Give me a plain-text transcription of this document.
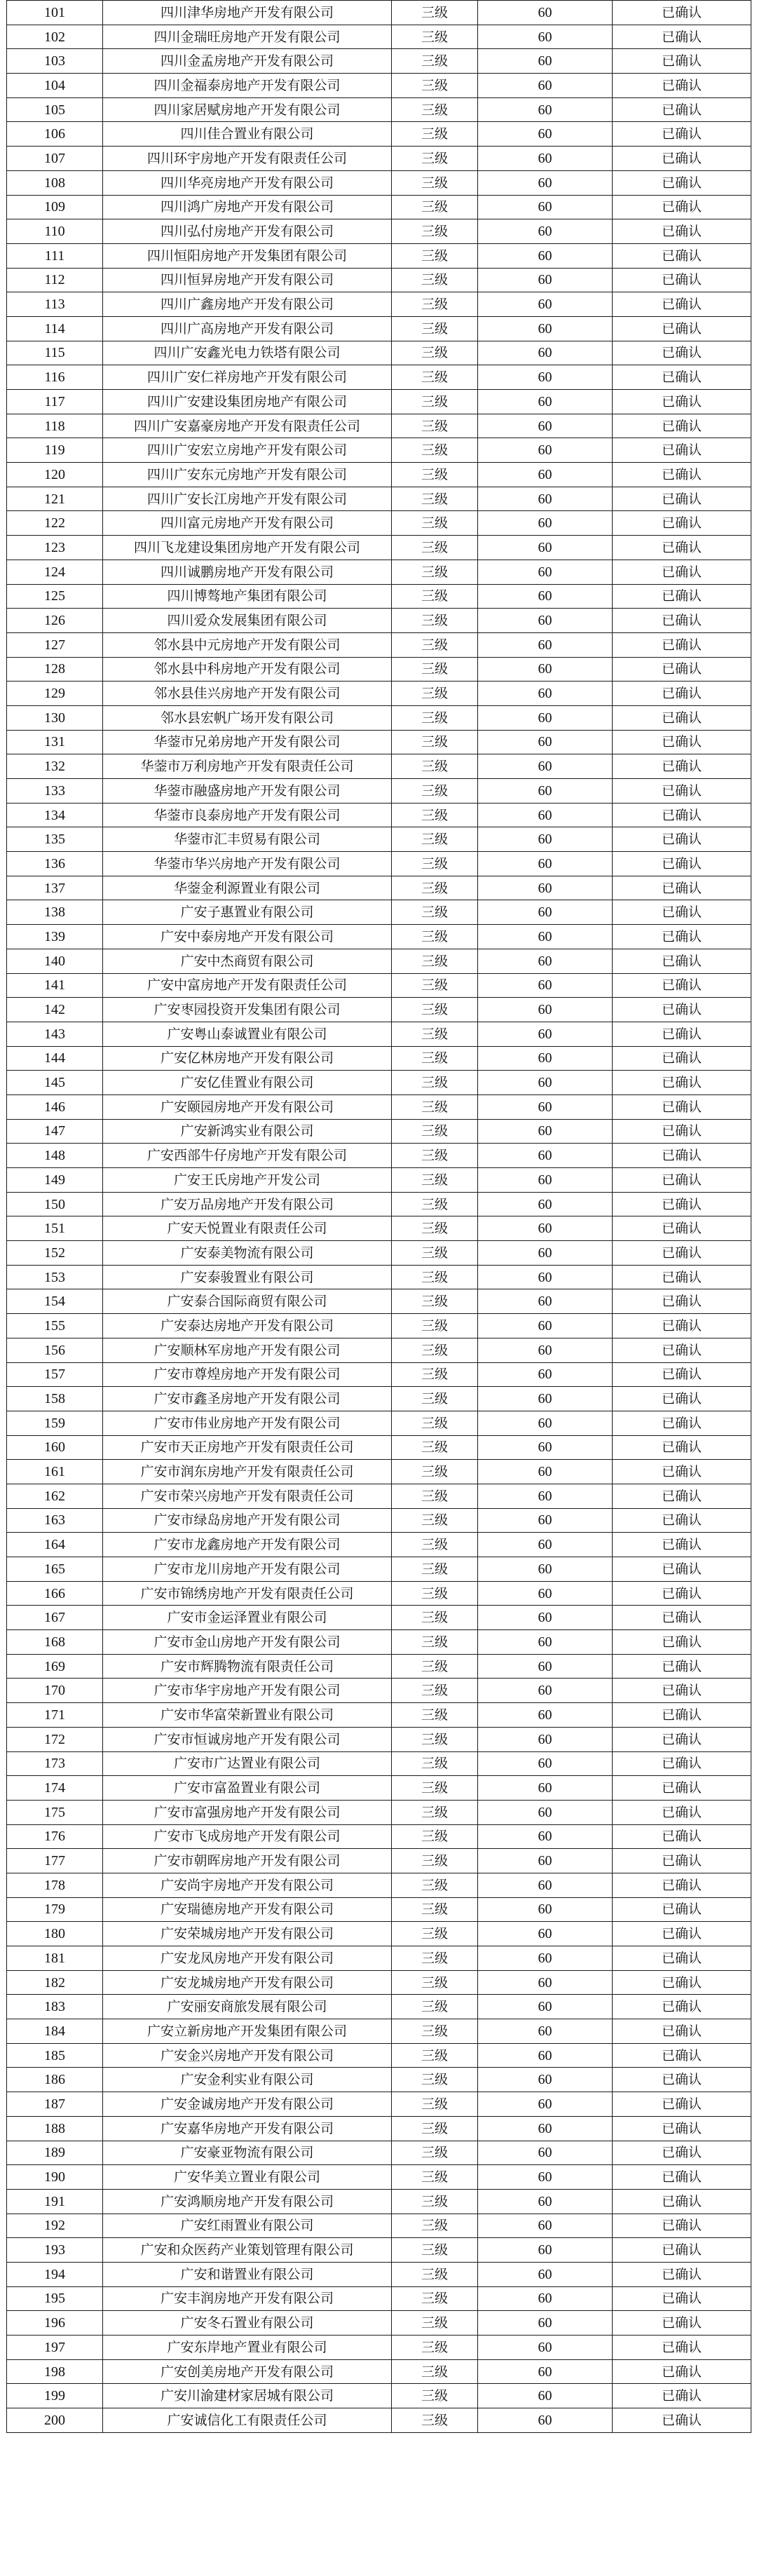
101	四川津华房地产开发有限公司	三级	60	已确认
102	四川金瑞旺房地产开发有限公司	三级	60	已确认
103	四川金孟房地产开发有限公司	三级	60	已确认
104	四川金福泰房地产开发有限公司	三级	60	已确认
105	四川家居赋房地产开发有限公司	三级	60	已确认
106	四川佳合置业有限公司	三级	60	已确认
107	四川环宇房地产开发有限责任公司	三级	60	已确认
108	四川华亮房地产开发有限公司	三级	60	已确认
109	四川鸿广房地产开发有限公司	三级	60	已确认
110	四川弘付房地产开发有限公司	三级	60	已确认
111	四川恒阳房地产开发集团有限公司	三级	60	已确认
112	四川恒昇房地产开发有限公司	三级	60	已确认
113	四川广鑫房地产开发有限公司	三级	60	已确认
114	四川广高房地产开发有限公司	三级	60	已确认
115	四川广安鑫光电力铁塔有限公司	三级	60	已确认
116	四川广安仁祥房地产开发有限公司	三级	60	已确认
117	四川广安建设集团房地产有限公司	三级	60	已确认
118	四川广安嘉豪房地产开发有限责任公司	三级	60	已确认
119	四川广安宏立房地产开发有限公司	三级	60	已确认
120	四川广安东元房地产开发有限公司	三级	60	已确认
121	四川广安长江房地产开发有限公司	三级	60	已确认
122	四川富元房地产开发有限公司	三级	60	已确认
123	四川飞龙建设集团房地产开发有限公司	三级	60	已确认
124	四川诚鹏房地产开发有限公司	三级	60	已确认
125	四川博骜地产集团有限公司	三级	60	已确认
126	四川爱众发展集团有限公司	三级	60	已确认
127	邻水县中元房地产开发有限公司	三级	60	已确认
128	邻水县中科房地产开发有限公司	三级	60	已确认
129	邻水县佳兴房地产开发有限公司	三级	60	已确认
130	邻水县宏帆广场开发有限公司	三级	60	已确认
131	华蓥市兄弟房地产开发有限公司	三级	60	已确认
132	华蓥市万利房地产开发有限责任公司	三级	60	已确认
133	华蓥市融盛房地产开发有限公司	三级	60	已确认
134	华蓥市良泰房地产开发有限公司	三级	60	已确认
135	华蓥市汇丰贸易有限公司	三级	60	已确认
136	华蓥市华兴房地产开发有限公司	三级	60	已确认
137	华蓥金利源置业有限公司	三级	60	已确认
138	广安子惠置业有限公司	三级	60	已确认
139	广安中泰房地产开发有限公司	三级	60	已确认
140	广安中杰商贸有限公司	三级	60	已确认
141	广安中富房地产开发有限责任公司	三级	60	已确认
142	广安枣园投资开发集团有限公司	三级	60	已确认
143	广安粤山泰诚置业有限公司	三级	60	已确认
144	广安亿林房地产开发有限公司	三级	60	已确认
145	广安亿佳置业有限公司	三级	60	已确认
146	广安颐园房地产开发有限公司	三级	60	已确认
147	广安新鸿实业有限公司	三级	60	已确认
148	广安西部牛仔房地产开发有限公司	三级	60	已确认
149	广安王氏房地产开发公司	三级	60	已确认
150	广安万品房地产开发有限公司	三级	60	已确认
151	广安天悦置业有限责任公司	三级	60	已确认
152	广安泰美物流有限公司	三级	60	已确认
153	广安泰骏置业有限公司	三级	60	已确认
154	广安泰合国际商贸有限公司	三级	60	已确认
155	广安泰达房地产开发有限公司	三级	60	已确认
156	广安顺林军房地产开发有限公司	三级	60	已确认
157	广安市尊煌房地产开发有限公司	三级	60	已确认
158	广安市鑫圣房地产开发有限公司	三级	60	已确认
159	广安市伟业房地产开发有限公司	三级	60	已确认
160	广安市天正房地产开发有限责任公司	三级	60	已确认
161	广安市润东房地产开发有限责任公司	三级	60	已确认
162	广安市荣兴房地产开发有限责任公司	三级	60	已确认
163	广安市绿岛房地产开发有限公司	三级	60	已确认
164	广安市龙鑫房地产开发有限公司	三级	60	已确认
165	广安市龙川房地产开发有限公司	三级	60	已确认
166	广安市锦绣房地产开发有限责任公司	三级	60	已确认
167	广安市金运泽置业有限公司	三级	60	已确认
168	广安市金山房地产开发有限公司	三级	60	已确认
169	广安市辉腾物流有限责任公司	三级	60	已确认
170	广安市华宇房地产开发有限公司	三级	60	已确认
171	广安市华富荣新置业有限公司	三级	60	已确认
172	广安市恒诚房地产开发有限公司	三级	60	已确认
173	广安市广达置业有限公司	三级	60	已确认
174	广安市富盈置业有限公司	三级	60	已确认
175	广安市富强房地产开发有限公司	三级	60	已确认
176	广安市飞成房地产开发有限公司	三级	60	已确认
177	广安市朝晖房地产开发有限公司	三级	60	已确认
178	广安尚宇房地产开发有限公司	三级	60	已确认
179	广安瑞德房地产开发有限公司	三级	60	已确认
180	广安荣城房地产开发有限公司	三级	60	已确认
181	广安龙凤房地产开发有限公司	三级	60	已确认
182	广安龙城房地产开发有限公司	三级	60	已确认
183	广安丽安商旅发展有限公司	三级	60	已确认
184	广安立新房地产开发集团有限公司	三级	60	已确认
185	广安金兴房地产开发有限公司	三级	60	已确认
186	广安金利实业有限公司	三级	60	已确认
187	广安金诚房地产开发有限公司	三级	60	已确认
188	广安嘉华房地产开发有限公司	三级	60	已确认
189	广安豪亚物流有限公司	三级	60	已确认
190	广安华美立置业有限公司	三级	60	已确认
191	广安鸿顺房地产开发有限公司	三级	60	已确认
192	广安红雨置业有限公司	三级	60	已确认
193	广安和众医药产业策划管理有限公司	三级	60	已确认
194	广安和谐置业有限公司	三级	60	已确认
195	广安丰润房地产开发有限公司	三级	60	已确认
196	广安冬石置业有限公司	三级	60	已确认
197	广安东岸地产置业有限公司	三级	60	已确认
198	广安创美房地产开发有限公司	三级	60	已确认
199	广安川渝建材家居城有限公司	三级	60	已确认
200	广安诚信化工有限责任公司	三级	60	已确认
